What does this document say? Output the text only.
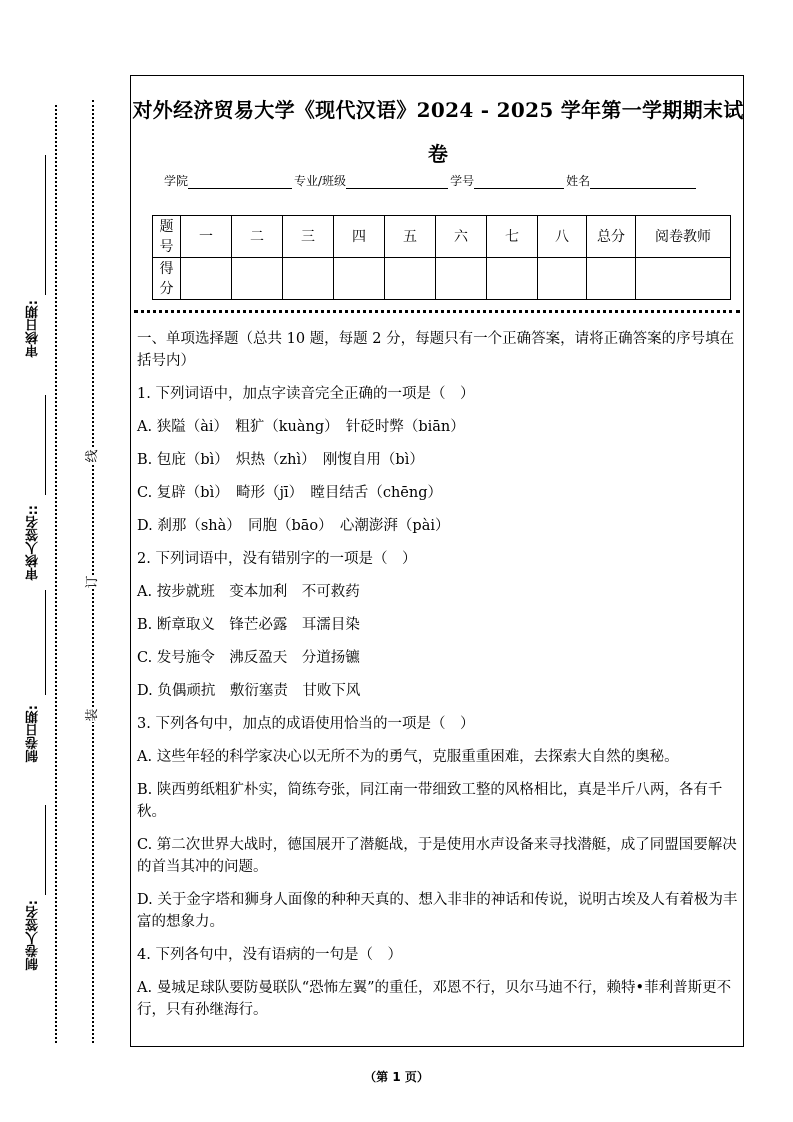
审核日期:
审核人签名::
制卷日期:
制卷人签名:
线
订
装
对外经济贸易大学《现代汉语》2024 - 2025 学年第一学期期末试
卷
学院	专业/班级	学号	姓名
题号	一	二	三	四	五	六	七	八	总分	阅卷教师
得分										

一、单项选择题（总共 10 题，每题 2 分，每题只有一个正确答案，请将正确答案的序号填在括号内）

1. 下列词语中，加点字读音完全正确的一项是（　）

A. 狭隘（ài）　粗犷（kuàng）　针砭时弊（biān）

B. 包庇（bì）　炽热（zhì）　刚愎自用（bì）

C. 复辟（bì）　畸形（jī）　瞠目结舌（chēng）

D. 刹那（shà）　同胞（bāo）　心潮澎湃（pài）

2. 下列词语中，没有错别字的一项是（　）

A. 按步就班　变本加利　不可救药

B. 断章取义　锋芒必露　耳濡目染

C. 发号施令　沸反盈天　分道扬镳

D. 负偶顽抗　敷衍塞责　甘败下风

3. 下列各句中，加点的成语使用恰当的一项是（　）

A. 这些年轻的科学家决心以无所不为的勇气，克服重重困难，去探索大自然的奥秘。

B. 陕西剪纸粗犷朴实，简练夸张，同江南一带细致工整的风格相比，真是半斤八两，各有千秋。

C. 第二次世界大战时，德国展开了潜艇战，于是使用水声设备来寻找潜艇，成了同盟国要解决的首当其冲的问题。

D. 关于金字塔和狮身人面像的种种天真的、想入非非的神话和传说，说明古埃及人有着极为丰富的想象力。

4. 下列各句中，没有语病的一句是（　）

A. 曼城足球队要防曼联队“恐怖左翼”的重任，邓恩不行，贝尔马迪不行，赖特•菲利普斯更不行，只有孙继海行。

（第 1 页）
